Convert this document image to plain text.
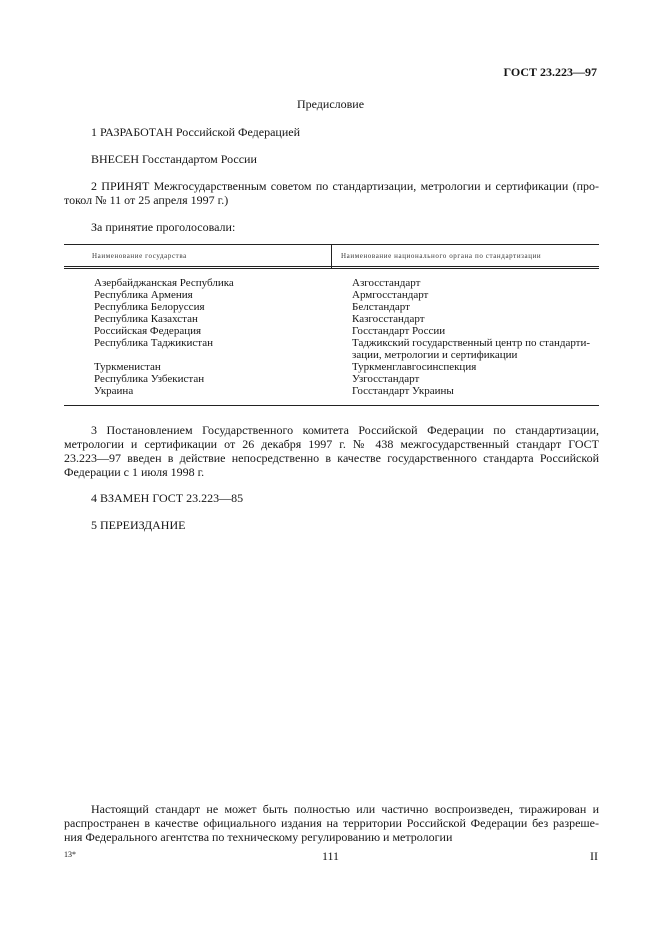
ГОСТ 23.223—97
Предисловие
1 РАЗРАБОТАН Российской Федерацией
ВНЕСЕН Госстандартом России
2 ПРИНЯТ Межгосударственным советом по стандартизации, метрологии и сертификации (про-
токол № 11 от 25 апреля 1997 г.)
За принятие проголосовали:
Наименование государства	Наименование национального органа по стандартизации
Азербайджанская Республика	Азгосстандарт
Республика Армения	Армгосстандарт
Республика Белоруссия	Белстандарт
Республика Казахстан	Казгосстандарт
Российская Федерация	Госстандарт России
Республика Таджикистан	Таджикский государственный центр по стандарти-
зации, метрологии и сертификации
Туркменистан	Туркменглавгосинспекция
Республика Узбекистан	Узгосстандарт
Украина	Госстандарт Украины
3 Постановлением Государственного комитета Российской Федерации по стандартизации,
метрологии и сертификации от 26 декабря 1997 г. № 438 межгосударственный стандарт ГОСТ
23.223—97 введен в действие непосредственно в качестве государственного стандарта Российской
Федерации с 1 июля 1998 г.
4 ВЗАМЕН ГОСТ 23.223—85
5 ПЕРЕИЗДАНИЕ
Настоящий стандарт не может быть полностью или частично воспроизведен, тиражирован и
распространен в качестве официального издания на территории Российской Федерации без разреше-
ния Федерального агентства по техническому регулированию и метрологии
13*	111	II
